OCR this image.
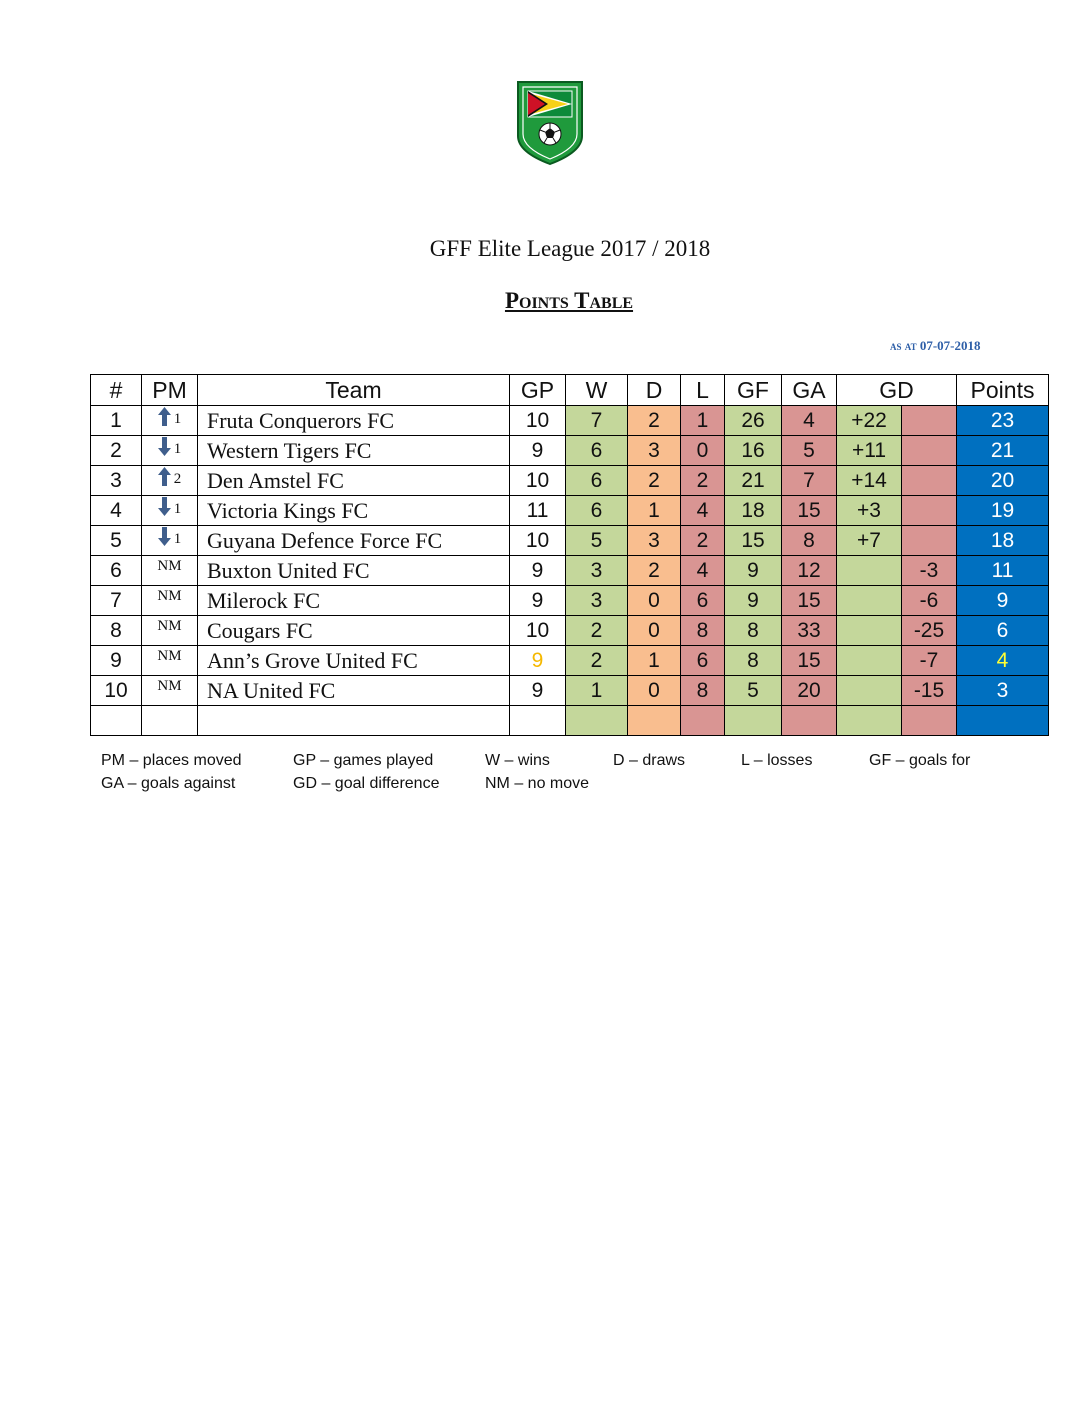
GFF Elite League 2017 / 2018
Points Table
as at 07-07-2018
#	PM	Team	GP	W	D	L	GF	GA	GD		Points
1	1	Fruta Conquerors FC	10	7	2	1	26	4	+22		23
2	1	Western Tigers FC	9	6	3	0	16	5	+11		21
3	2	Den Amstel FC	10	6	2	2	21	7	+14		20
4	1	Victoria Kings FC	11	6	1	4	18	15	+3		19
5	1	Guyana Defence Force FC	10	5	3	2	15	8	+7		18
6	NM	Buxton United FC	9	3	2	4	9	12		-3	11
7	NM	Milerock FC	9	3	0	6	9	15		-6	9
8	NM	Cougars FC	10	2	0	8	8	33		-25	6
9	NM	Ann’s Grove United FC	9	2	1	6	8	15		-7	4
10	NM	NA United FC	9	1	0	8	5	20		-15	3

PM – places moved	GP – games played	W – wins	D – draws	L – losses	GF – goals for
GA – goals against	GD – goal difference	NM – no move
